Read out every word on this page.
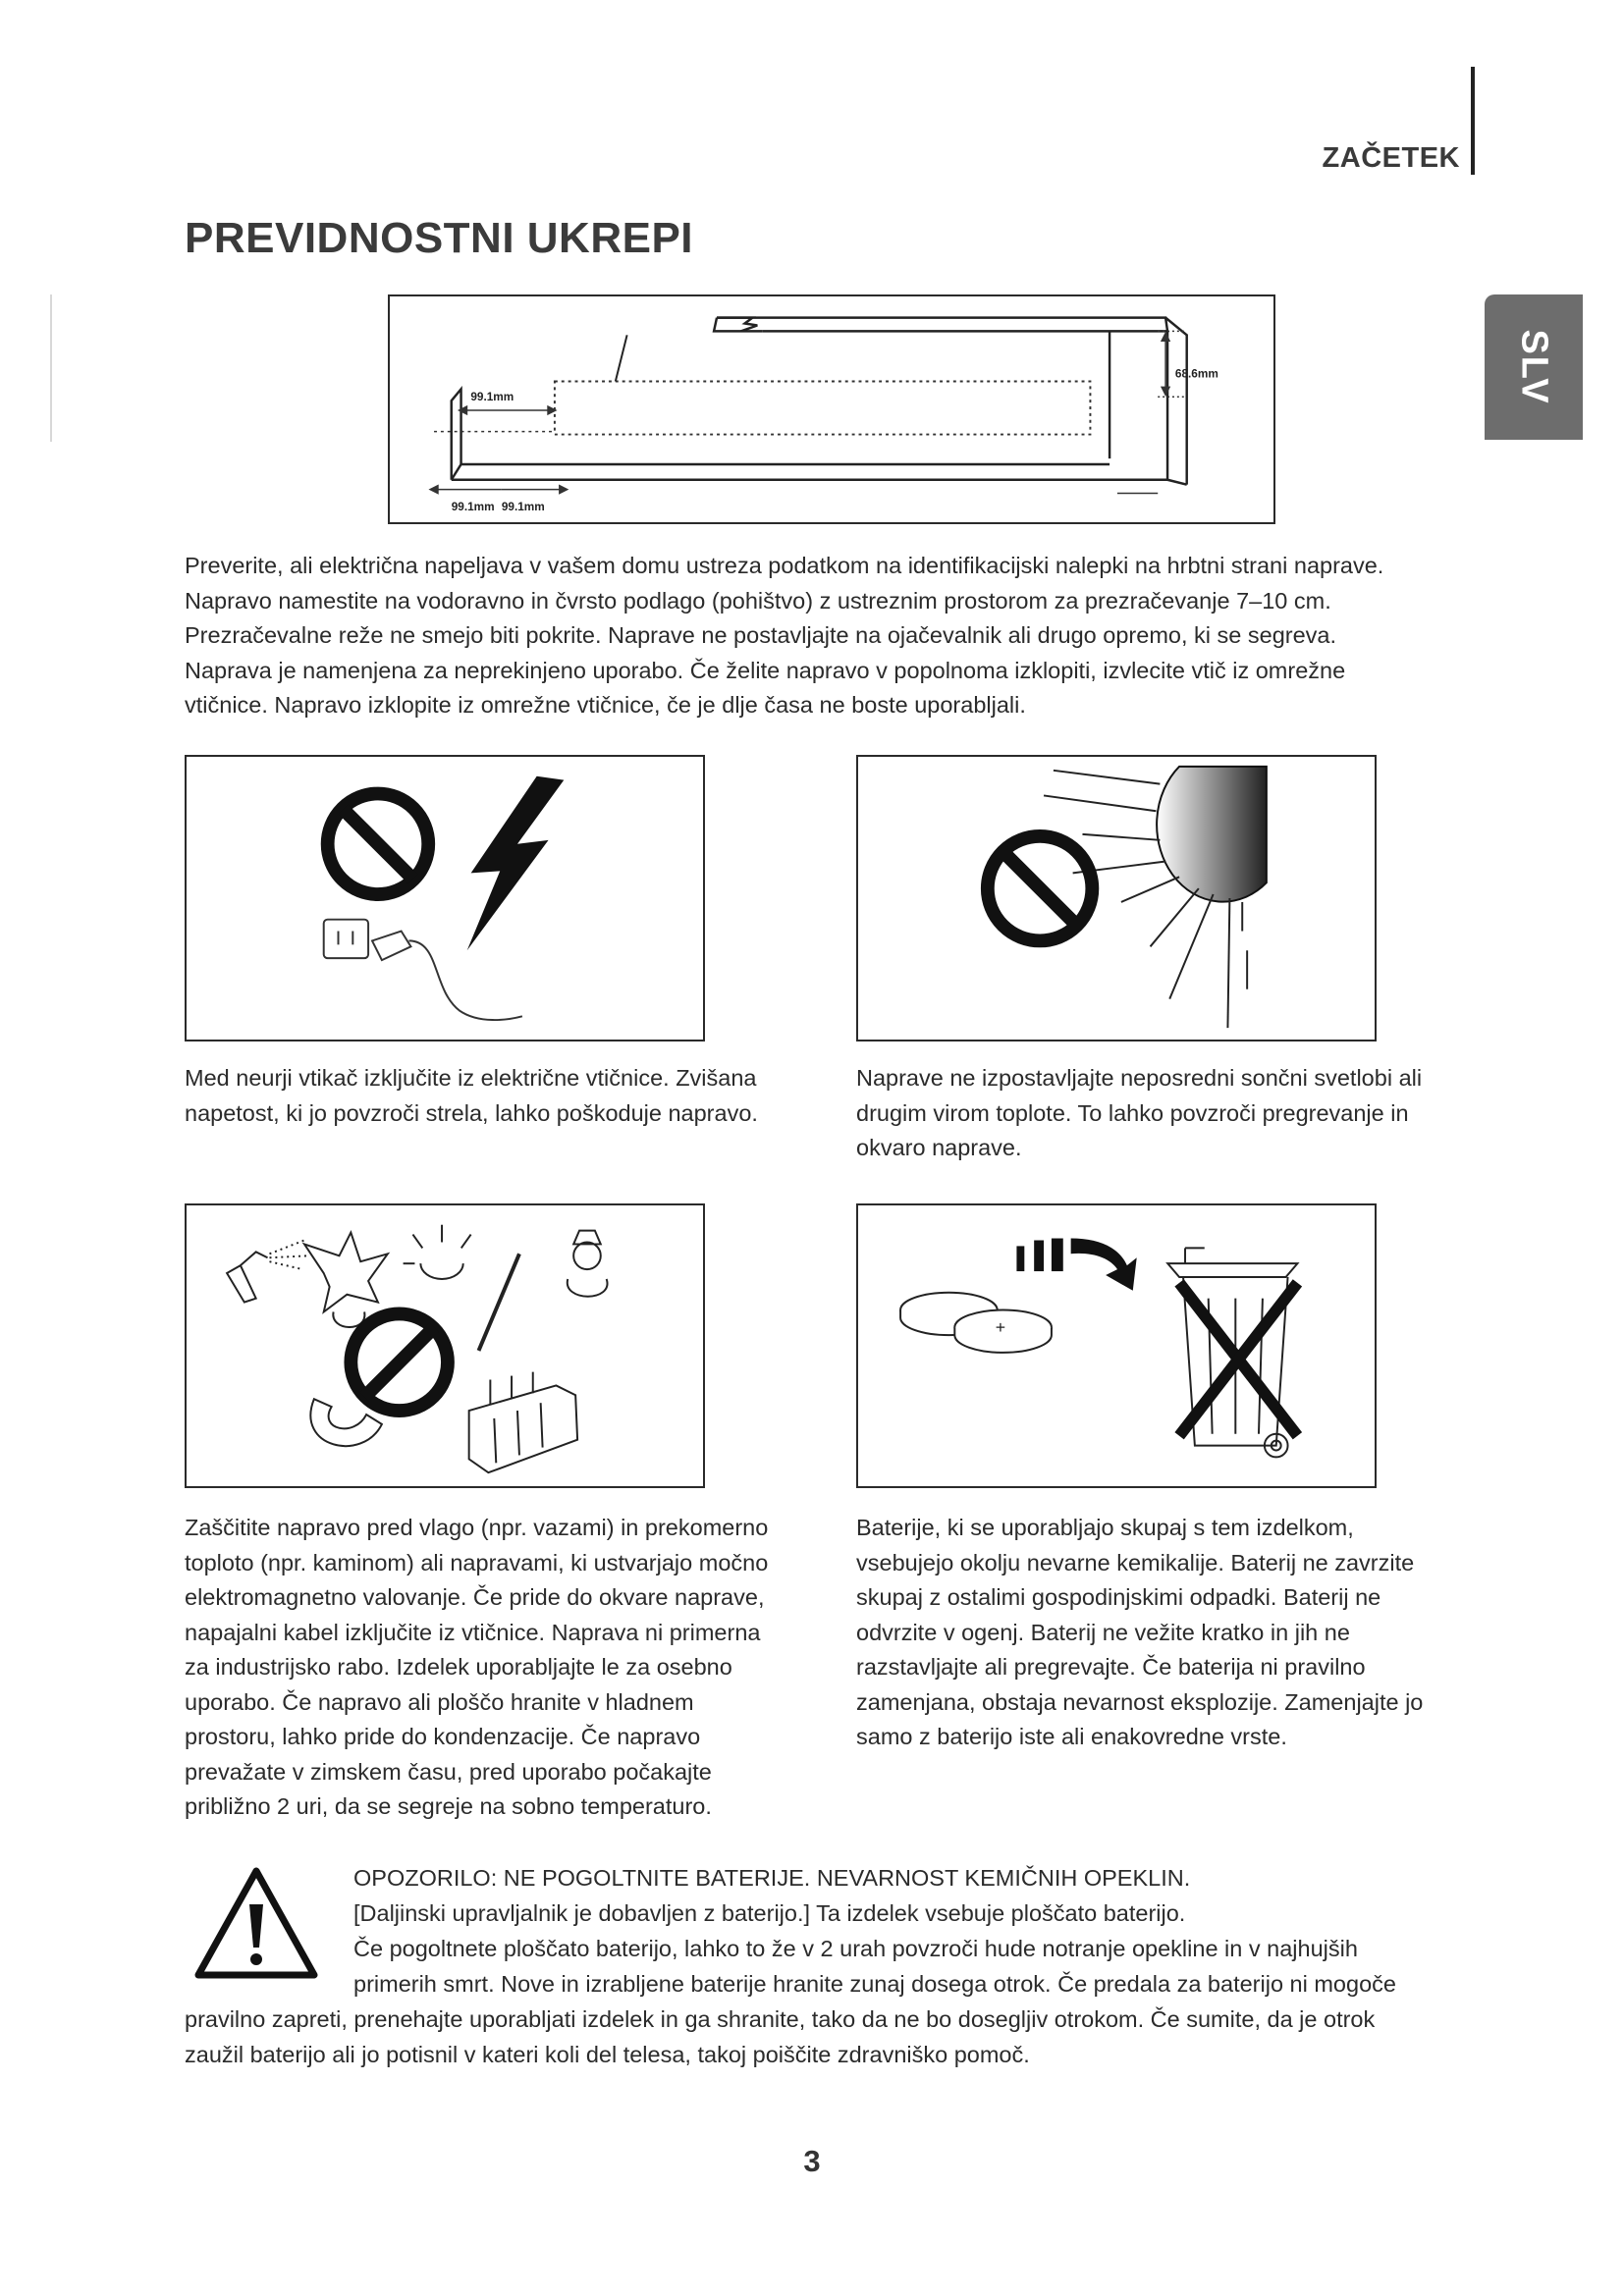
ZAČETEK
SLV
PREVIDNOSTNI UKREPI
68.6mm
99.1mm
99.1mm 99.1mm
Preverite, ali električna napeljava v vašem domu ustreza podatkom na identifikacijski nalepki na hrbtni strani naprave.
Napravo namestite na vodoravno in čvrsto podlago (pohištvo) z ustreznim prostorom za prezračevanje 7–10 cm.
Prezračevalne reže ne smejo biti pokrite. Naprave ne postavljajte na ojačevalnik ali drugo opremo, ki se segreva.
Naprava je namenjena za neprekinjeno uporabo. Če želite napravo v popolnoma izklopiti, izvlecite vtič iz omrežne
vtičnice. Napravo izklopite iz omrežne vtičnice, če je dlje časa ne boste uporabljali.
Med neurji vtikač izključite iz električne vtičnice. Zvišana
napetost, ki jo povzroči strela, lahko poškoduje napravo.
Naprave ne izpostavljajte neposredni sončni svetlobi ali
drugim virom toplote. To lahko povzroči pregrevanje in
okvaro naprave.
Zaščitite napravo pred vlago (npr. vazami) in prekomerno
toploto (npr. kaminom) ali napravami, ki ustvarjajo močno
elektromagnetno valovanje. Če pride do okvare naprave,
napajalni kabel izključite iz vtičnice. Naprava ni primerna
za industrijsko rabo. Izdelek uporabljajte le za osebno
uporabo. Če napravo ali ploščo hranite v hladnem
prostoru, lahko pride do kondenzacije. Če napravo
prevažate v zimskem času, pred uporabo počakajte
približno 2 uri, da se segreje na sobno temperaturo.
+
Baterije, ki se uporabljajo skupaj s tem izdelkom,
vsebujejo okolju nevarne kemikalije. Baterij ne zavrzite
skupaj z ostalimi gospodinjskimi odpadki. Baterij ne
odvrzite v ogenj. Baterij ne vežite kratko in jih ne
razstavljajte ali pregrevajte. Če baterija ni pravilno
zamenjana, obstaja nevarnost eksplozije. Zamenjajte jo
samo z baterijo iste ali enakovredne vrste.
OPOZORILO: NE POGOLTNITE BATERIJE. NEVARNOST KEMIČNIH OPEKLIN.
[Daljinski upravljalnik je dobavljen z baterijo.] Ta izdelek vsebuje ploščato baterijo.
Če pogoltnete ploščato baterijo, lahko to že v 2 urah povzroči hude notranje opekline in v najhujših
primerih smrt. Nove in izrabljene baterije hranite zunaj dosega otrok. Če predala za baterijo ni mogoče
pravilno zapreti, prenehajte uporabljati izdelek in ga shranite, tako da ne bo dosegljiv otrokom. Če sumite, da je otrok
zaužil baterijo ali jo potisnil v kateri koli del telesa, takoj poiščite zdravniško pomoč.
3
